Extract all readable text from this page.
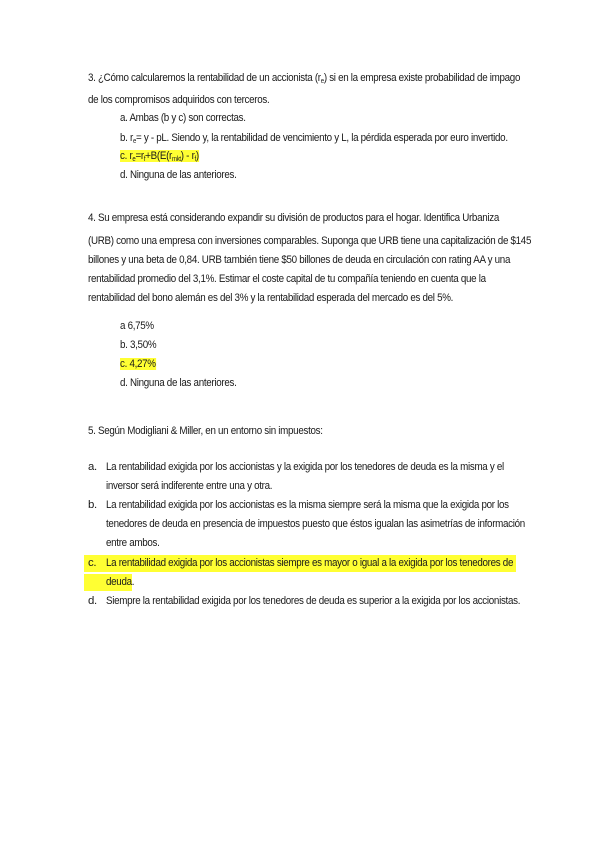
3. ¿Cómo calcularemos la rentabilidad de un accionista $(r_e)$ si en la empresa existe probabilidad de impago
de los compromisos adquiridos con terceros.
a. Ambas (b y c) son correctas.
b. $r_e= y$ - pL. Siendo y, la rentabilidad de vencimiento y L, la pérdida esperada por euro invertido.
c. $r_e=r_f+B(E(r_{mkt}) - r_f)$
d. Ninguna de las anteriores.
4. Su empresa está considerando expandir su división de productos para el hogar. Identifica Urbaniza
(URB) como una empresa con inversiones comparables. Suponga que URB tiene una capitalización de $145
billones y una beta de 0,84. URB también tiene $50 billones de deuda en circulación con rating AA y una
rentabilidad promedio del 3,1%. Estimar el coste capital de tu compañía teniendo en cuenta que la
rentabilidad del bono alemán es del 3% y la rentabilidad esperada del mercado es del 5%.
a 6,75%
b. 3,50%
c. 4,27%
d. Ninguna de las anteriores.
5. Según Modigliani & Miller, en un entorno sin impuestos:
a. La rentabilidad exigida por los accionistas y la exigida por los tenedores de deuda es la misma y el
inversor será indiferente entre una y otra.
b. La rentabilidad exigida por los accionistas es la misma siempre será la misma que la exigida por los
tenedores de deuda en presencia de impuestos puesto que éstos igualan las asimetrías de información
entre ambos.
c. La rentabilidad exigida por los accionistas siempre es mayor o igual a la exigida por los tenedores de
deuda.
d. Siempre la rentabilidad exigida por los tenedores de deuda es superior a la exigida por los accionistas.
